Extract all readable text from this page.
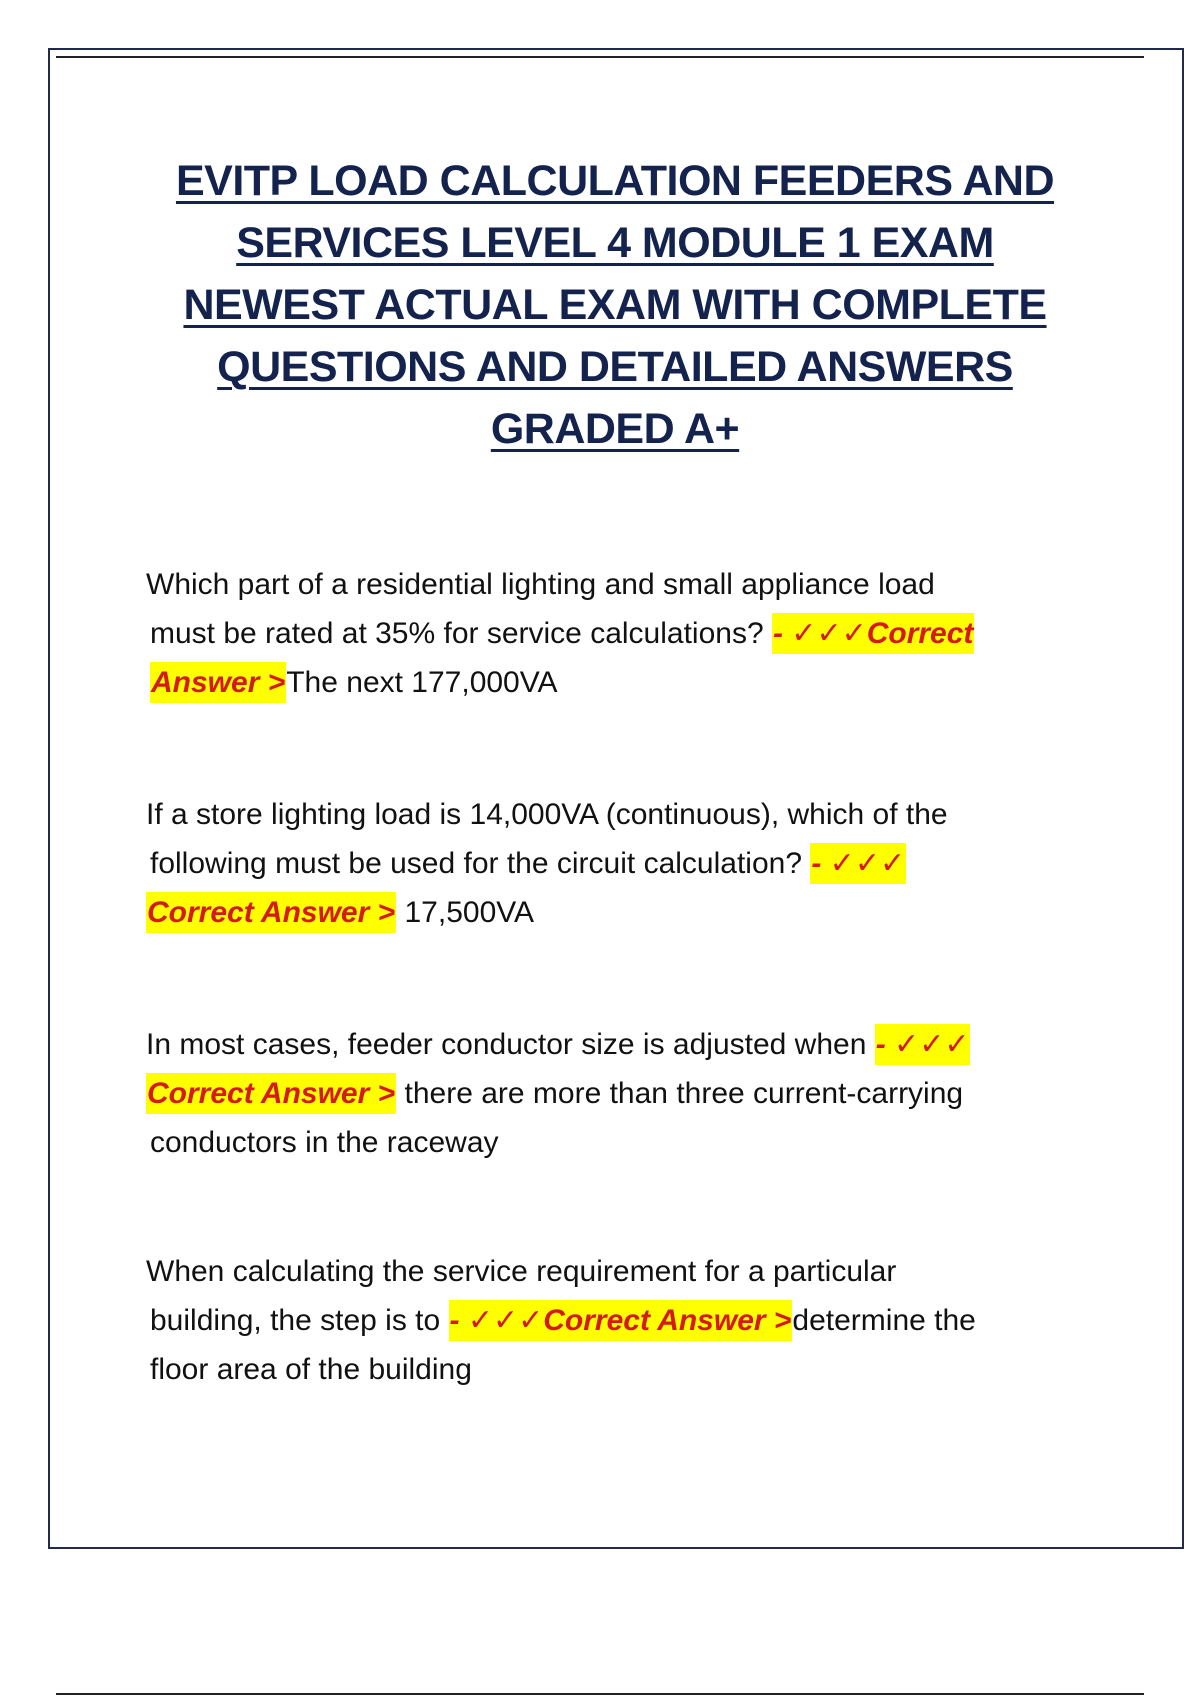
EVITP LOAD CALCULATION FEEDERS AND
SERVICES LEVEL 4 MODULE 1 EXAM
NEWEST ACTUAL EXAM WITH COMPLETE
QUESTIONS AND DETAILED ANSWERS
GRADED A+
Which part of a residential lighting and small appliance load
must be rated at 35% for service calculations? - ✓✓✓Correct
Answer >The next 177,000VA
If a store lighting load is 14,000VA (continuous), which of the
following must be used for the circuit calculation? - ✓✓✓
Correct Answer > 17,500VA
In most cases, feeder conductor size is adjusted when - ✓✓✓
Correct Answer > there are more than three current-carrying
conductors in the raceway
When calculating the service requirement for a particular
building, the step is to - ✓✓✓Correct Answer >determine the
floor area of the building
